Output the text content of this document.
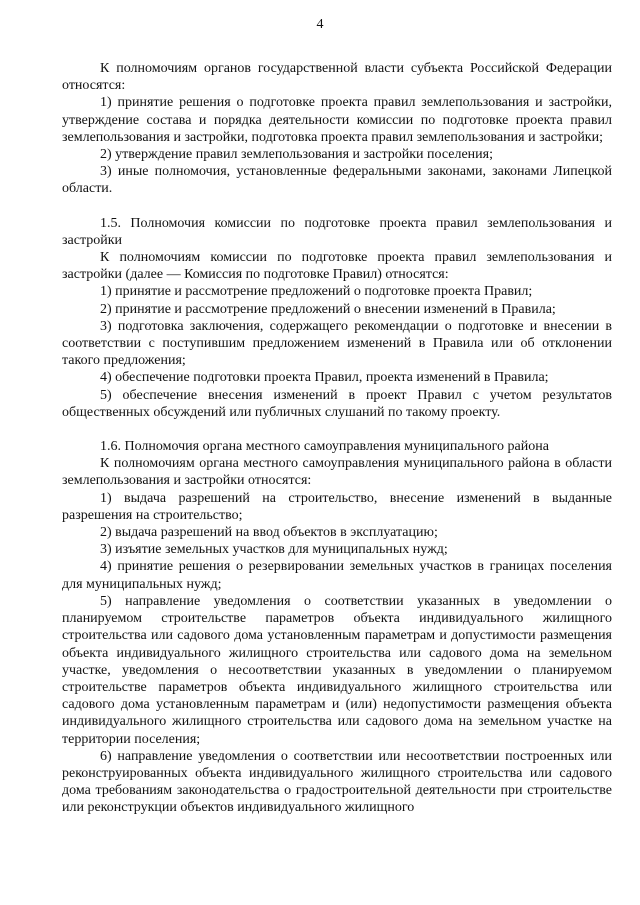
4

К полномочиям органов государственной власти субъекта Российской Федерации относятся:

1) принятие решения о подготовке проекта правил землепользования и застройки, утверждение состава и порядка деятельности комиссии по подготовке проекта правил землепользования и застройки, подготовка проекта правил землепользования и застройки;

2) утверждение правил землепользования и застройки поселения;

3) иные полномочия, установленные федеральными законами, законами Липецкой области.

1.5. Полномочия комиссии по подготовке проекта правил землепользования и застройки

К полномочиям комиссии по подготовке проекта правил землепользования и застройки (далее — Комиссия по подготовке Правил) относятся:

1) принятие и рассмотрение предложений о подготовке проекта Правил;

2) принятие и рассмотрение предложений о внесении изменений в Правила;

3) подготовка заключения, содержащего рекомендации о подготовке и внесении в соответствии с поступившим предложением изменений в Правила или об отклонении такого предложения;

4) обеспечение подготовки проекта Правил, проекта изменений в Правила;

5) обеспечение внесения изменений в проект Правил с учетом результатов общественных обсуждений или публичных слушаний по такому проекту.

1.6. Полномочия органа местного самоуправления муниципального района

К полномочиям органа местного самоуправления муниципального района в области землепользования и застройки относятся:

1) выдача разрешений на строительство, внесение изменений в выданные разрешения на строительство;

2) выдача разрешений на ввод объектов в эксплуатацию;

3) изъятие земельных участков для муниципальных нужд;

4) принятие решения о резервировании земельных участков в границах поселения для муниципальных нужд;

5) направление уведомления о соответствии указанных в уведомлении о планируемом строительстве параметров объекта индивидуального жилищного строительства или садового дома установленным параметрам и допустимости размещения объекта индивидуального жилищного строительства или садового дома на земельном участке, уведомления о несоответствии указанных в уведомлении о планируемом строительстве параметров объекта индивидуального жилищного строительства или садового дома установленным параметрам и (или) недопустимости размещения объекта индивидуального жилищного строительства или садового дома на земельном участке на территории поселения;

6) направление уведомления о соответствии или несоответствии построенных или реконструированных объекта индивидуального жилищного строительства или садового дома требованиям законодательства о градостроительной деятельности при строительстве или реконструкции объектов индивидуального жилищного
